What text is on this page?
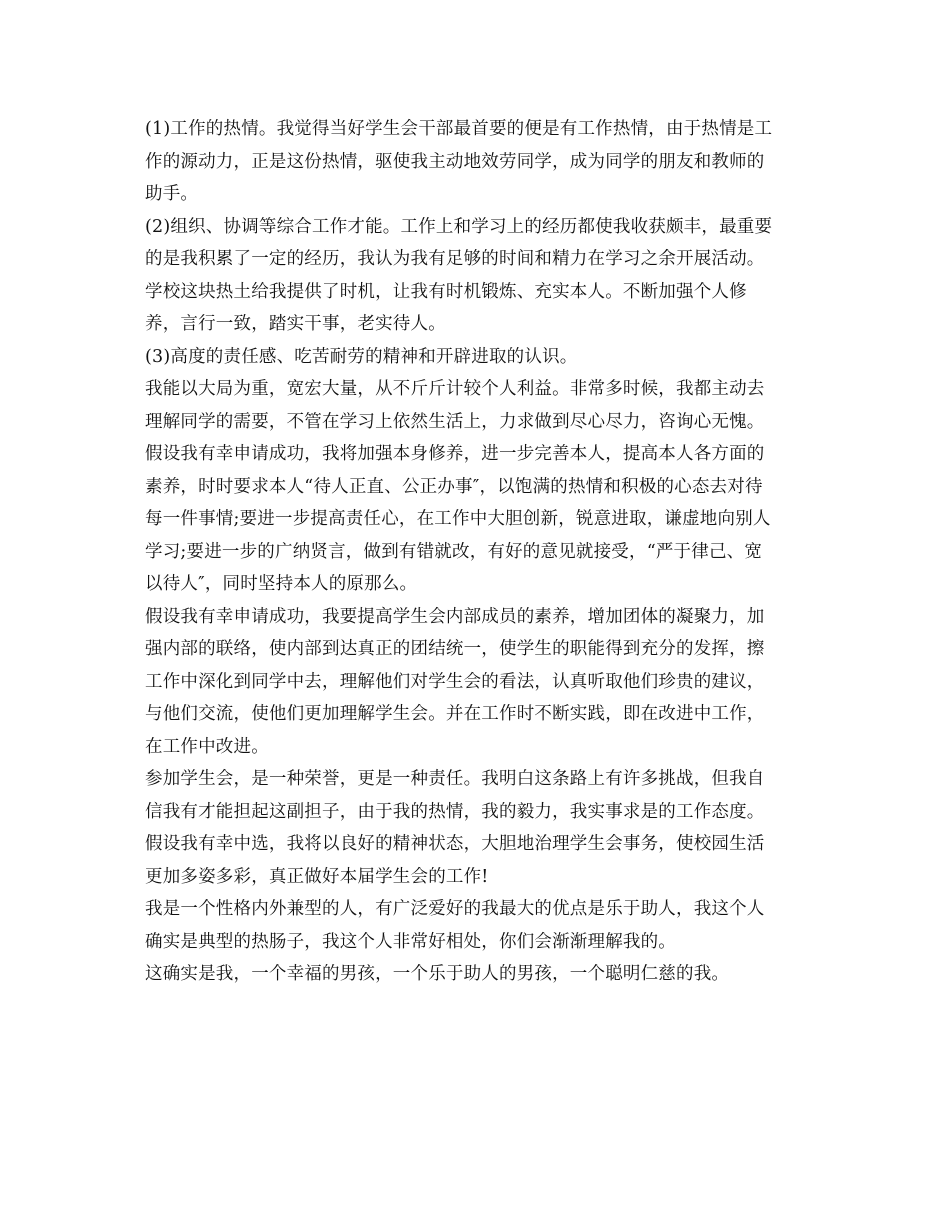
(1)工作的热情。我觉得当好学生会干部最首要的便是有工作热情，由于热情是工
作的源动力，正是这份热情，驱使我主动地效劳同学，成为同学的朋友和教师的
助手。
(2)组织、协调等综合工作才能。工作上和学习上的经历都使我收获颇丰，最重要
的是我积累了一定的经历，我认为我有足够的时间和精力在学习之余开展活动。
学校这块热土给我提供了时机，让我有时机锻炼、充实本人。不断加强个人修
养，言行一致，踏实干事，老实待人。
(3)高度的责任感、吃苦耐劳的精神和开辟进取的认识。
我能以大局为重，宽宏大量，从不斤斤计较个人利益。非常多时候，我都主动去
理解同学的需要，不管在学习上依然生活上，力求做到尽心尽力，咨询心无愧。
假设我有幸申请成功，我将加强本身修养，进一步完善本人，提高本人各方面的
素养，时时要求本人“待人正直、公正办事″，以饱满的热情和积极的心态去对待
每一件事情;要进一步提高责任心，在工作中大胆创新，锐意进取，谦虚地向别人
学习;要进一步的广纳贤言，做到有错就改，有好的意见就接受，“严于律己、宽
以待人″，同时坚持本人的原那么。
假设我有幸申请成功，我要提高学生会内部成员的素养，增加团体的凝聚力，加
强内部的联络，使内部到达真正的团结统一，使学生的职能得到充分的发挥，擦
工作中深化到同学中去，理解他们对学生会的看法，认真听取他们珍贵的建议，
与他们交流，使他们更加理解学生会。并在工作时不断实践，即在改进中工作，
在工作中改进。
参加学生会，是一种荣誉，更是一种责任。我明白这条路上有许多挑战，但我自
信我有才能担起这副担子，由于我的热情，我的毅力，我实事求是的工作态度。
假设我有幸中选，我将以良好的精神状态，大胆地治理学生会事务，使校园生活
更加多姿多彩，真正做好本届学生会的工作!
我是一个性格内外兼型的人，有广泛爱好的我最大的优点是乐于助人，我这个人
确实是典型的热肠子，我这个人非常好相处，你们会渐渐理解我的。
这确实是我，一个幸福的男孩，一个乐于助人的男孩，一个聪明仁慈的我。
